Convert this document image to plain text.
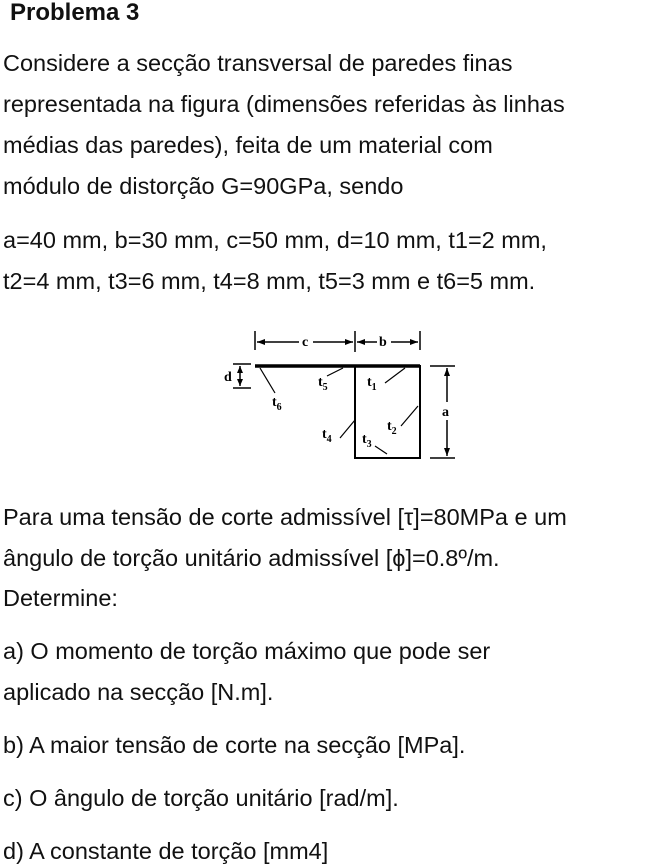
Problema 3
Considere a secção transversal de paredes finas
representada na figura (dimensões referidas às linhas
médias das paredes), feita de um material com
módulo de distorção G=90GPa, sendo
a=40 mm, b=30 mm, c=50 mm, d=10 mm, t1=2 mm,
t2=4 mm, t3=6 mm, t4=8 mm, t5=3 mm e t6=5 mm.
c	b
d
a
$t_6$
$t_5$	$t_1$
$t_2$
$t_4$ $t_3$
Para uma tensão de corte admissível [τ]=80MPa e um
ângulo de torção unitário admissível [ϕ]=0.8º/m.
Determine:
a) O momento de torção máximo que pode ser
aplicado na secção [N.m].
b) A maior tensão de corte na secção [MPa].
c) O ângulo de torção unitário [rad/m].
d) A constante de torção [mm4]
